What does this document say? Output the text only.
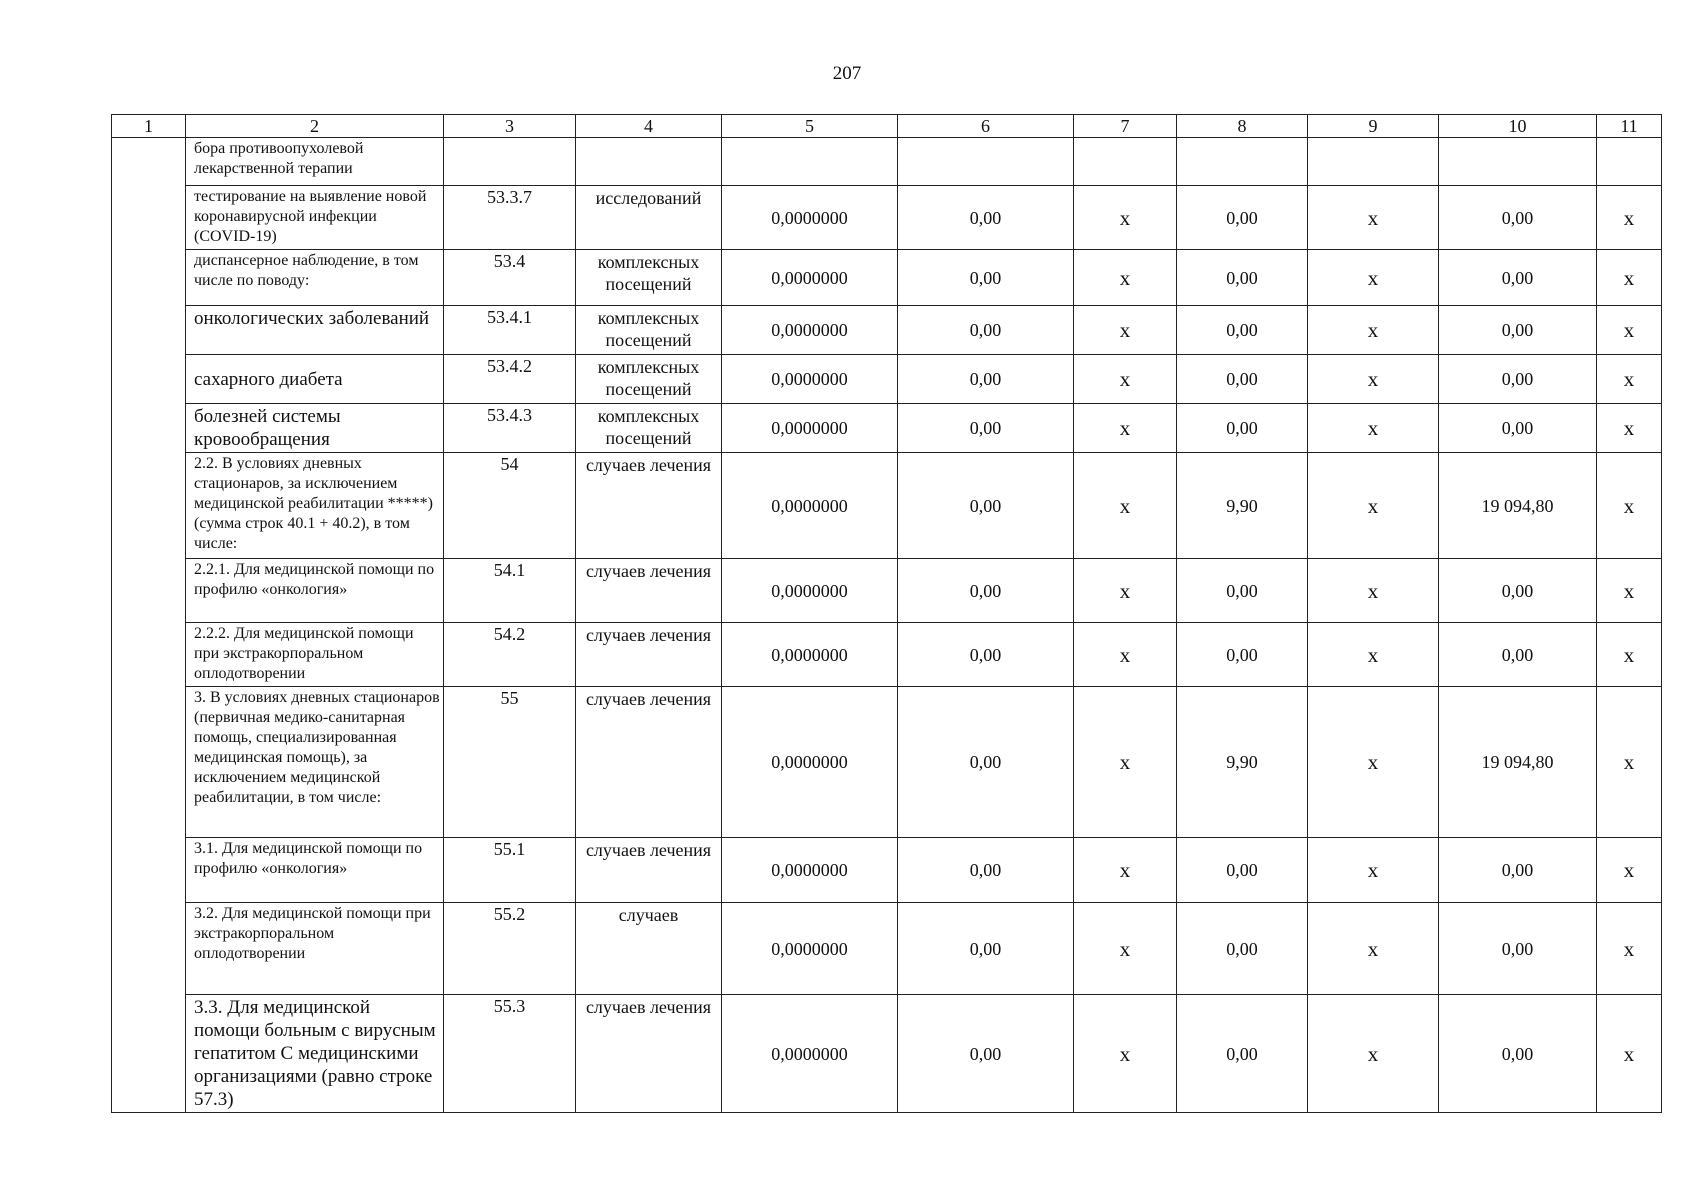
207
1	2	3	4	5	6	7	8	9	10	11
	бора противоопухолевой лекарственной терапии									
	тестирование на выявление новой коронавирусной инфекции (COVID-19)	53.3.7	исследований	0,0000000	0,00	x	0,00	x	0,00	x
	диспансерное наблюдение, в том числе по поводу:	53.4	комплексных посещений	0,0000000	0,00	x	0,00	x	0,00	x
	онкологических заболеваний	53.4.1	комплексных посещений	0,0000000	0,00	x	0,00	x	0,00	x
	сахарного диабета	53.4.2	комплексных посещений	0,0000000	0,00	x	0,00	x	0,00	x
	болезней системы кровообращения	53.4.3	комплексных посещений	0,0000000	0,00	x	0,00	x	0,00	x
	2.2. В условиях дневных стационаров, за исключением медицинской реабилитации *****) (сумма строк 40.1 + 40.2), в том числе:	54	случаев лечения	0,0000000	0,00	x	9,90	x	19 094,80	x
	2.2.1. Для медицинской помощи по профилю «онкология»	54.1	случаев лечения	0,0000000	0,00	x	0,00	x	0,00	x
	2.2.2. Для медицинской помощи при экстракорпоральном оплодотворении	54.2	случаев лечения	0,0000000	0,00	x	0,00	x	0,00	x
	3. В условиях дневных стационаров (первичная медико-санитарная помощь, специализированная медицинская помощь), за исключением медицинской реабилитации, в том числе:	55	случаев лечения	0,0000000	0,00	x	9,90	x	19 094,80	x
	3.1. Для медицинской помощи по профилю «онкология»	55.1	случаев лечения	0,0000000	0,00	x	0,00	x	0,00	x
	3.2. Для медицинской помощи при экстракорпоральном оплодотворении	55.2	случаев	0,0000000	0,00	x	0,00	x	0,00	x
	3.3. Для медицинской помощи больным с вирусным гепатитом С медицинскими организациями (равно строке 57.3)	55.3	случаев лечения	0,0000000	0,00	x	0,00	x	0,00	x
